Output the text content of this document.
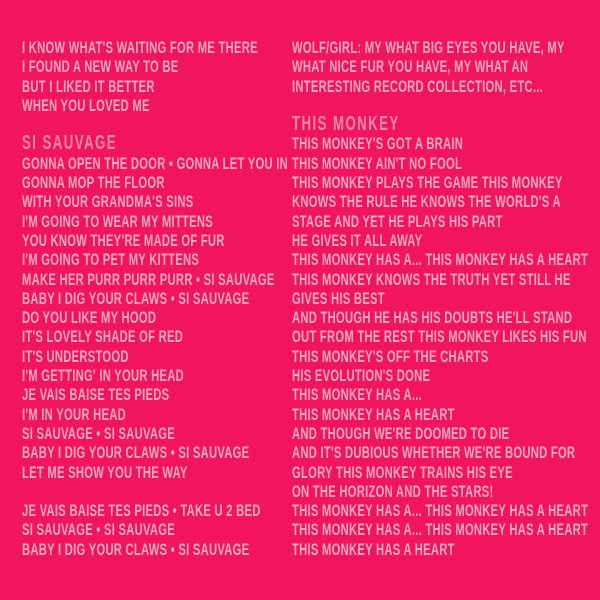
I KNOW WHAT'S WAITING FOR ME THERE
I FOUND A NEW WAY TO BE
BUT I LIKED IT BETTER
WHEN YOU LOVED ME
SI SAUVAGE
GONNA OPEN THE DOOR • GONNA LET YOU IN
GONNA MOP THE FLOOR
WITH YOUR GRANDMA'S SINS
I'M GOING TO WEAR MY MITTENS
YOU KNOW THEY'RE MADE OF FUR
I'M GOING TO PET MY KITTENS
MAKE HER PURR PURR PURR • SI SAUVAGE
BABY I DIG YOUR CLAWS • SI SAUVAGE
DO YOU LIKE MY HOOD
IT'S LOVELY SHADE OF RED
IT'S UNDERSTOOD
I'M GETTING' IN YOUR HEAD
JE VAIS BAISE TES PIEDS
I'M IN YOUR HEAD
SI SAUVAGE • SI SAUVAGE
BABY I DIG YOUR CLAWS • SI SAUVAGE
LET ME SHOW YOU THE WAY
JE VAIS BAISE TES PIEDS • TAKE U 2 BED
SI SAUVAGE • SI SAUVAGE
BABY I DIG YOUR CLAWS • SI SAUVAGE
WOLF/GIRL: MY WHAT BIG EYES YOU HAVE, MY
WHAT NICE FUR YOU HAVE, MY WHAT AN
INTERESTING RECORD COLLECTION, ETC...
THIS MONKEY
THIS MONKEY'S GOT A BRAIN
THIS MONKEY AIN'T NO FOOL
THIS MONKEY PLAYS THE GAME THIS MONKEY
KNOWS THE RULE HE KNOWS THE WORLD'S A
STAGE AND YET HE PLAYS HIS PART
HE GIVES IT ALL AWAY
THIS MONKEY HAS A... THIS MONKEY HAS A HEART
THIS MONKEY KNOWS THE TRUTH YET STILL HE
GIVES HIS BEST
AND THOUGH HE HAS HIS DOUBTS HE'LL STAND
OUT FROM THE REST THIS MONKEY LIKES HIS FUN
THIS MONKEY'S OFF THE CHARTS
HIS EVOLUTION'S DONE
THIS MONKEY HAS A...
THIS MONKEY HAS A HEART
AND THOUGH WE'RE DOOMED TO DIE
AND IT'S DUBIOUS WHETHER WE'RE BOUND FOR
GLORY THIS MONKEY TRAINS HIS EYE
ON THE HORIZON AND THE STARS!
THIS MONKEY HAS A... THIS MONKEY HAS A HEART
THIS MONKEY HAS A... THIS MONKEY HAS A HEART
THIS MONKEY HAS A HEART
